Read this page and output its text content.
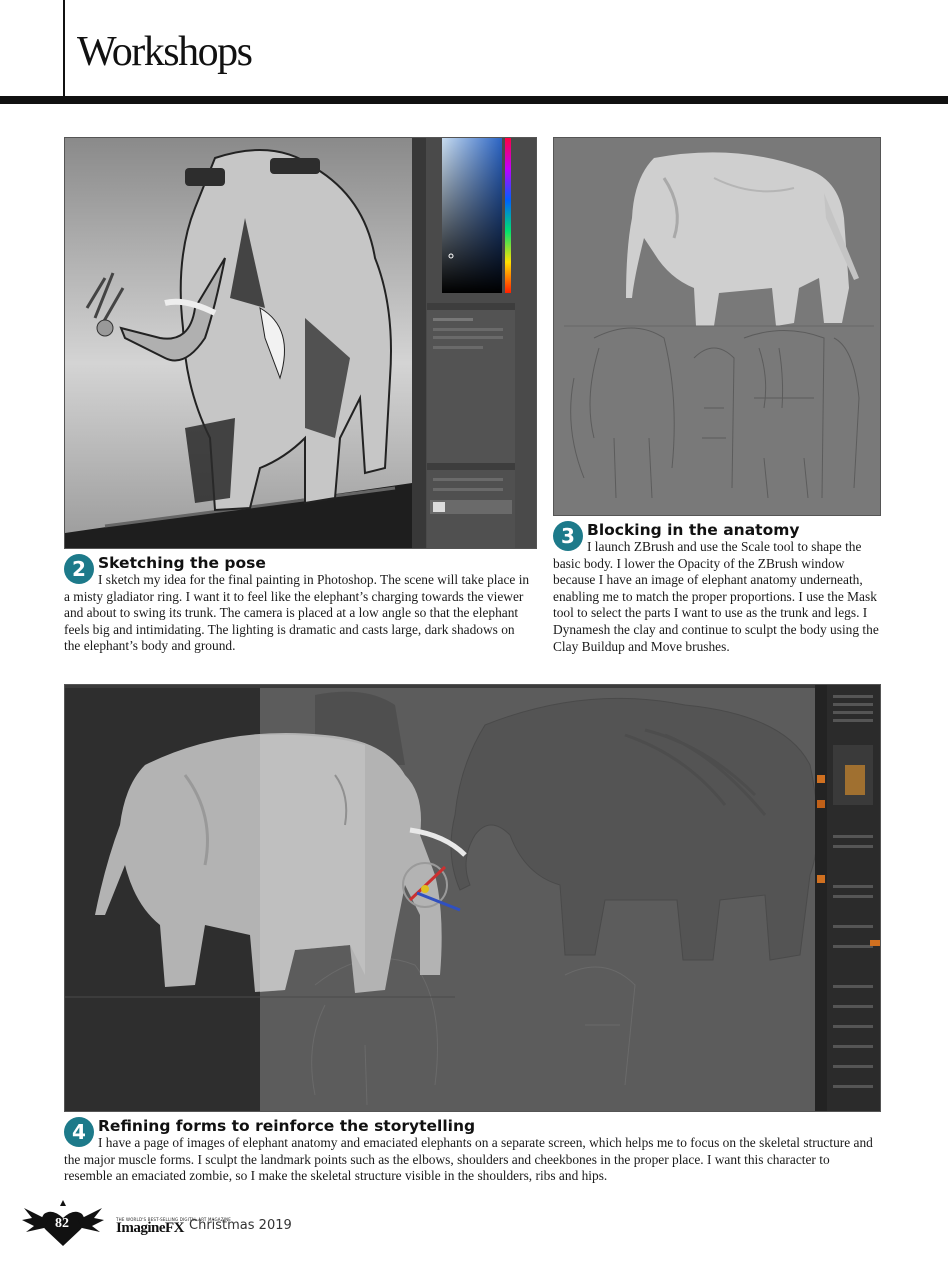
Workshops
2 Sketching the pose

I sketch my idea for the final painting in Photoshop. The scene will take place in a misty gladiator ring. I want it to feel like the elephant’s charging towards the viewer and about to swing its trunk. The camera is placed at a low angle so that the elephant feels big and intimidating. The lighting is dramatic and casts large, dark shadows on the elephant’s body and ground.

3 Blocking in the anatomy

I launch ZBrush and use the Scale tool to shape the basic body. I lower the Opacity of the ZBrush window because I have an image of elephant anatomy underneath, enabling me to match the proper proportions. I use the Mask tool to select the parts I want to use as the trunk and legs. I Dynamesh the clay and continue to sculpt the body using the Clay Buildup and Move brushes.

4 Refining forms to reinforce the storytelling

I have a page of images of elephant anatomy and emaciated elephants on a separate screen, which helps me to focus on the skeletal structure and the major muscle forms. I sculpt the landmark points such as the elbows, shoulders and cheekbones in the proper place. I want this character to resemble an emaciated zombie, so I make the skeletal structure visible in the shoulders, ribs and hips.

82	THE WORLD'S BEST-SELLING DIGITAL ART MAGAZINE
ImagineFX Christmas 2019
